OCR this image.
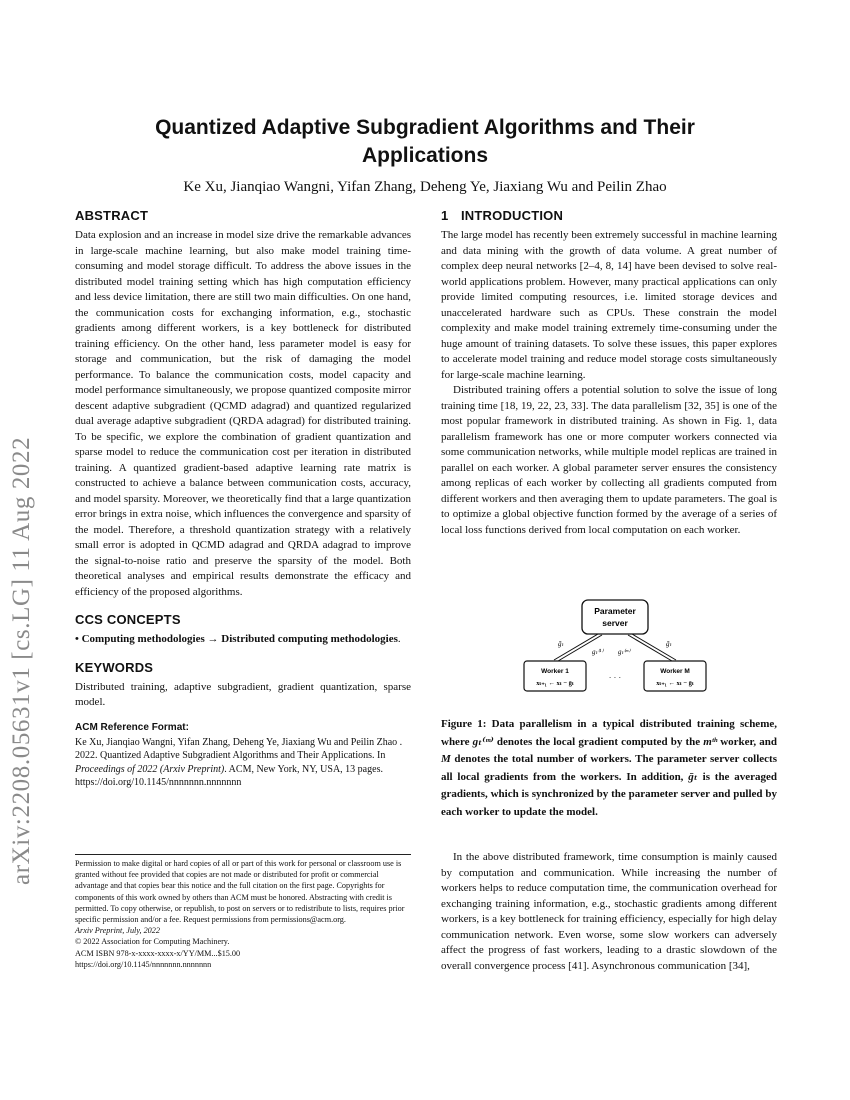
arXiv:2208.05631v1 [cs.LG] 11 Aug 2022
Quantized Adaptive Subgradient Algorithms and Their Applications
Ke Xu, Jianqiao Wangni, Yifan Zhang, Deheng Ye, Jiaxiang Wu and Peilin Zhao
ABSTRACT

Data explosion and an increase in model size drive the remarkable advances in large-scale machine learning, but also make model training time-consuming and model storage difficult. To address the above issues in the distributed model training setting which has high computation efficiency and less device limitation, there are still two main difficulties. On one hand, the communication costs for exchanging information, e.g., stochastic gradients among different workers, is a key bottleneck for distributed training efficiency. On the other hand, less parameter model is easy for storage and communication, but the risk of damaging the model performance. To balance the communication costs, model capacity and model performance simultaneously, we propose quantized composite mirror descent adaptive subgradient (QCMD adagrad) and quantized regularized dual average adaptive subgradient (QRDA adagrad) for distributed training. To be specific, we explore the combination of gradient quantization and sparse model to reduce the communication cost per iteration in distributed training. A quantized gradient-based adaptive learning rate matrix is constructed to achieve a balance between communication costs, accuracy, and model sparsity. Moreover, we theoretically find that a large quantization error brings in extra noise, which influences the convergence and sparsity of the model. Therefore, a threshold quantization strategy with a relatively small error is adopted in QCMD adagrad and QRDA adagrad to improve the signal-to-noise ratio and preserve the sparsity of the model. Both theoretical analyses and empirical results demonstrate the efficacy and efficiency of the proposed algorithms.

CCS CONCEPTS

• Computing methodologies → Distributed computing methodologies.

KEYWORDS

Distributed training, adaptive subgradient, gradient quantization, sparse model.

ACM Reference Format:

Ke Xu, Jianqiao Wangni, Yifan Zhang, Deheng Ye, Jiaxiang Wu and Peilin Zhao . 2022. Quantized Adaptive Subgradient Algorithms and Their Applications. In Proceedings of 2022 (Arxiv Preprint). ACM, New York, NY, USA, 13 pages. https://doi.org/10.1145/nnnnnnn.nnnnnnn

Permission to make digital or hard copies of all or part of this work for personal or classroom use is granted without fee provided that copies are not made or distributed for profit or commercial advantage and that copies bear this notice and the full citation on the first page. Copyrights for components of this work owned by others than ACM must be honored. Abstracting with credit is permitted. To copy otherwise, or republish, to post on servers or to redistribute to lists, requires prior specific permission and/or a fee. Request permissions from permissions@acm.org.

Arxiv Preprint, July, 2022

© 2022 Association for Computing Machinery.

ACM ISBN 978-x-xxxx-xxxx-x/YY/MM...$15.00

https://doi.org/10.1145/nnnnnnn.nnnnnnn

1 INTRODUCTION

The large model has recently been extremely successful in machine learning and data mining with the growth of data volume. A great number of complex deep neural networks [2–4, 8, 14] have been devised to solve real-world applications problem. However, many practical applications can only provide limited computing resources, i.e. limited storage devices and unaccelerated hardware such as CPUs. These constrain the model complexity and make model training extremely time-consuming under the huge amount of training datasets. To solve these issues, this paper explores to accelerate model training and reduce model storage costs simultaneously for large-scale machine learning.

Distributed training offers a potential solution to solve the issue of long training time [18, 19, 22, 23, 33]. The data parallelism [32, 35] is one of the most popular framework in distributed training. As shown in Fig. 1, data parallelism framework has one or more computer workers connected via some communication networks, while multiple model replicas are trained in parallel on each worker. A global parameter server ensures the consistency among replicas of each worker by collecting all gradients computed from different workers and then averaging them to update parameters. The goal is to optimize a global objective function formed by the average of a series of local loss functions derived from local computation on each worker.

Parameter
server
ḡₜ
gₜ⁽¹⁾ gₜ⁽ᵐ⁾
ḡₜ
Worker 1
xₜ₊₁ ← xₜ − ḡₜ
· · ·
Worker M
xₜ₊₁ ← xₜ − ḡₜ
Figure 1: Data parallelism in a typical distributed training scheme, where gₜ⁽ᵐ⁾ denotes the local gradient computed by the mᵗʰ worker, and M denotes the total number of workers. The parameter server collects all local gradients from the workers. In addition, ḡₜ is the averaged gradients, which is synchronized by the parameter server and pulled by each worker to update the model.

In the above distributed framework, time consumption is mainly caused by computation and communication. While increasing the number of workers helps to reduce computation time, the communication overhead for exchanging training information, e.g., stochastic gradients among different workers, is a key bottleneck for training efficiency, especially for high delay communication network. Even worse, some slow workers can adversely affect the progress of fast workers, leading to a drastic slowdown of the overall convergence process [41]. Asynchronous communication [34],
